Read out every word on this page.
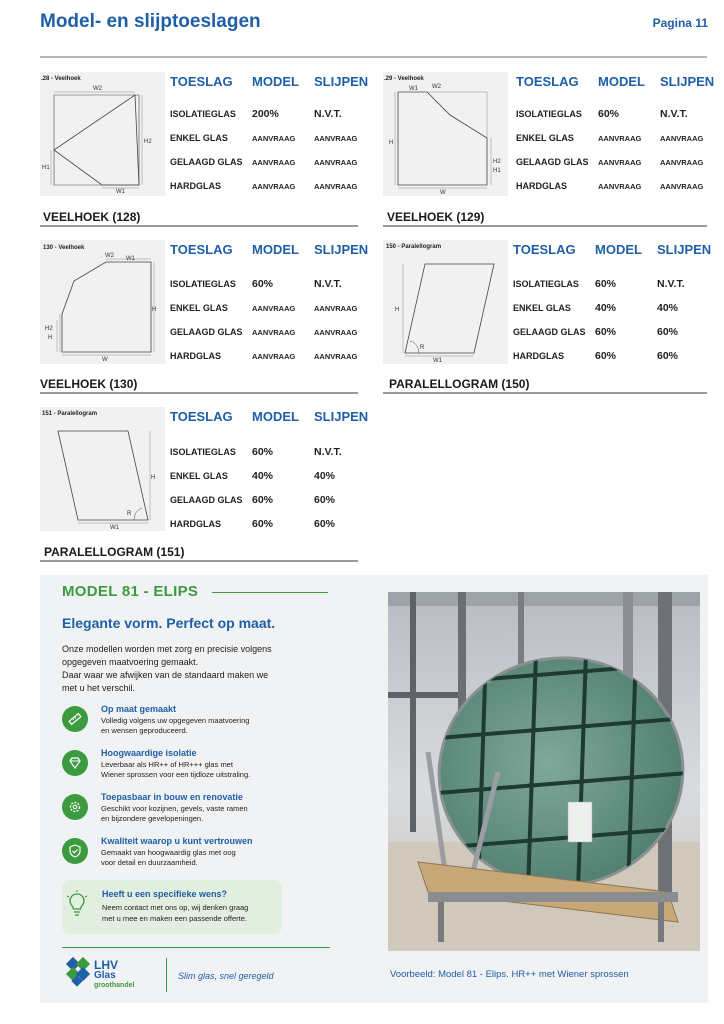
Model- en slijptoeslagen	Pagina 11
.28 - Veelhoek
W2
H2
H1
W1
TOESLAG	MODEL	SLIJPEN
ISOLATIEGLAS	200%	N.V.T.
ENKEL GLAS	AANVRAAG	AANVRAAG
GELAAGD GLAS	AANVRAAG	AANVRAAG
HARDGLAS	AANVRAAG	AANVRAAG
VEELHOEK (128)
.29 - Veelhoek
W1 W2
H
H2
H1
W
TOESLAG	MODEL	SLIJPEN
ISOLATIEGLAS	60%	N.V.T.
ENKEL GLAS	AANVRAAG	AANVRAAG
GELAAGD GLAS	AANVRAAG	AANVRAAG
HARDGLAS	AANVRAAG	AANVRAAG
VEELHOEK (129)
130 - Veelhoek
W2 W1
H
H2
H
W
TOESLAG	MODEL	SLIJPEN
ISOLATIEGLAS	60%	N.V.T.
ENKEL GLAS	AANVRAAG	AANVRAAG
GELAAGD GLAS	AANVRAAG	AANVRAAG
HARDGLAS	AANVRAAG	AANVRAAG
VEELHOEK (130)
150 - Paralellogram
H
R
W1
TOESLAG	MODEL	SLIJPEN
ISOLATIEGLAS	60%	N.V.T.
ENKEL GLAS	40%	40%
GELAAGD GLAS 60%	60%
HARDGLAS	60%	60%
PARALELLOGRAM (150)
151 - Paralellogram
H
R
W1
TOESLAG	MODEL	SLIJPEN
ISOLATIEGLAS	60%	N.V.T.
ENKEL GLAS	40%	40%
GELAAGD GLAS 60%	60%
HARDGLAS	60%	60%
PARALELLOGRAM (151)
MODEL 81 - ELIPS
Elegante vorm. Perfect op maat.

Onze modellen worden met zorg en precisie volgens

opgegeven maatvoering gemaakt.

Daar waar we afwijken van de standaard maken we

met u het verschil.

Op maat gemaakt
Volledig volgens uw opgegeven maatvoering
en wensen geproduceerd.
Hoogwaardige isolatie
Leverbaar als HR++ of HR+++ glas met
Wiener sprossen voor een tijdloze uitstraling.
Toepasbaar in bouw en renovatie
Geschikt voor kozijnen, gevels, vaste ramen
en bijzondere gevelopeningen.
Kwaliteit waarop u kunt vertrouwen
Gemaakt van hoogwaardig glas met oog
voor detail en duurzaamheid.
Heeft u een specifieke wens?
Neem contact met ons op, wij denken graag
met u mee en maken een passende offerte.
LHV
Glas
groothandel
Slim glas, snel geregeld	Voorbeeld: Model 81 - Elips. HR++ met Wiener sprossen
